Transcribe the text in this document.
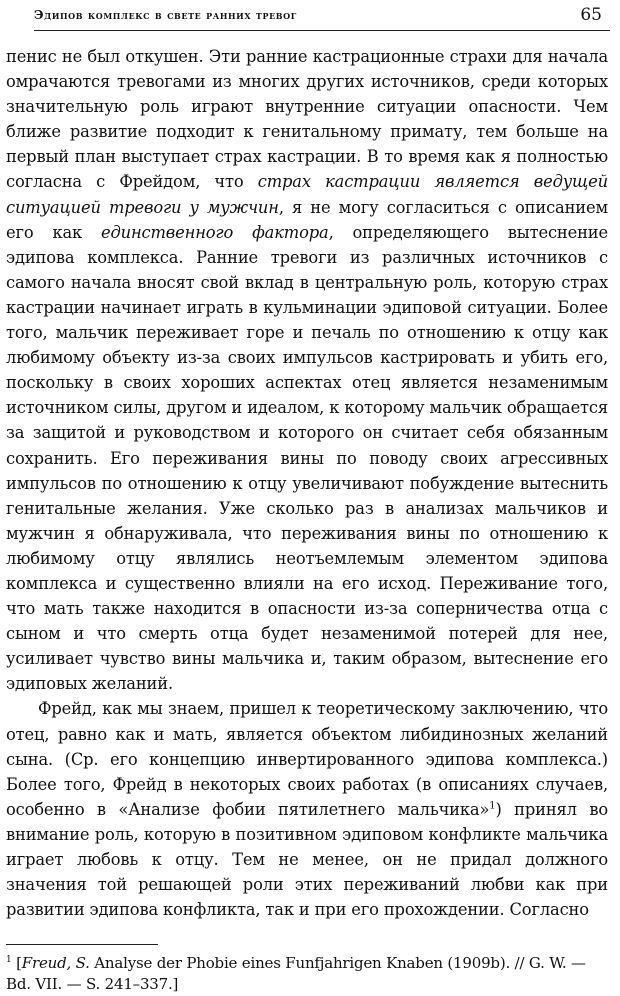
Эдипов комплекс в свете ранних тревог	65

пенис не был откушен. Эти ранние кастрационные страхи для начала омрачаются тревогами из многих других источников, среди которых значительную роль играют внутренние ситуации опасности. Чем ближе развитие подходит к генитальному примату, тем больше на первый план выступает страх кастрации. В то время как я полностью согласна с Фрейдом, что страх кастрации является ведущей ситуацией тревоги у мужчин, я не могу согласиться с описанием его как единственного фактора, определяющего вытеснение эдипова комплекса. Ранние тревоги из различных источников с самого начала вносят свой вклад в центральную роль, которую страх кастрации начинает играть в кульминации эдиповой ситуации. Более того, мальчик переживает горе и печаль по отношению к отцу как любимому объекту из-за своих импульсов кастрировать и убить его, поскольку в своих хороших аспектах отец является незаменимым источником силы, другом и идеалом, к которому мальчик обращается за защитой и руководством и которого он считает себя обязанным сохранить. Его переживания вины по поводу своих агрессивных импульсов по отношению к отцу увеличивают побуждение вытеснить генитальные желания. Уже сколько раз в анализах мальчиков и мужчин я обнаруживала, что переживания вины по отношению к любимому отцу являлись неотъемлемым элементом эдипова комплекса и существенно влияли на его исход. Переживание того, что мать также находится в опасности из-за соперничества отца с сыном и что смерть отца будет незаменимой потерей для нее, усиливает чувство вины мальчика и, таким образом, вытеснение его эдиповых желаний.

Фрейд, как мы знаем, пришел к теоретическому заключению, что отец, равно как и мать, является объектом либидинозных желаний сына. (Ср. его концепцию инвертированного эдипова комплекса.) Более того, Фрейд в некоторых своих работах (в описаниях случаев, особенно в «Анализе фобии пятилетнего мальчика»$^1$) принял во внимание роль, которую в позитивном эдиповом конфликте мальчика играет любовь к отцу. Тем не менее, он не придал должного значения той решающей роли этих переживаний любви как при развитии эдипова конфликта, так и при его прохождении. Согласно

$^1$ [Freud, S. Analyse der Phobie eines Funfjahrigen Knaben (1909b). // G. W. — Bd. VII. — S. 241–337.]
